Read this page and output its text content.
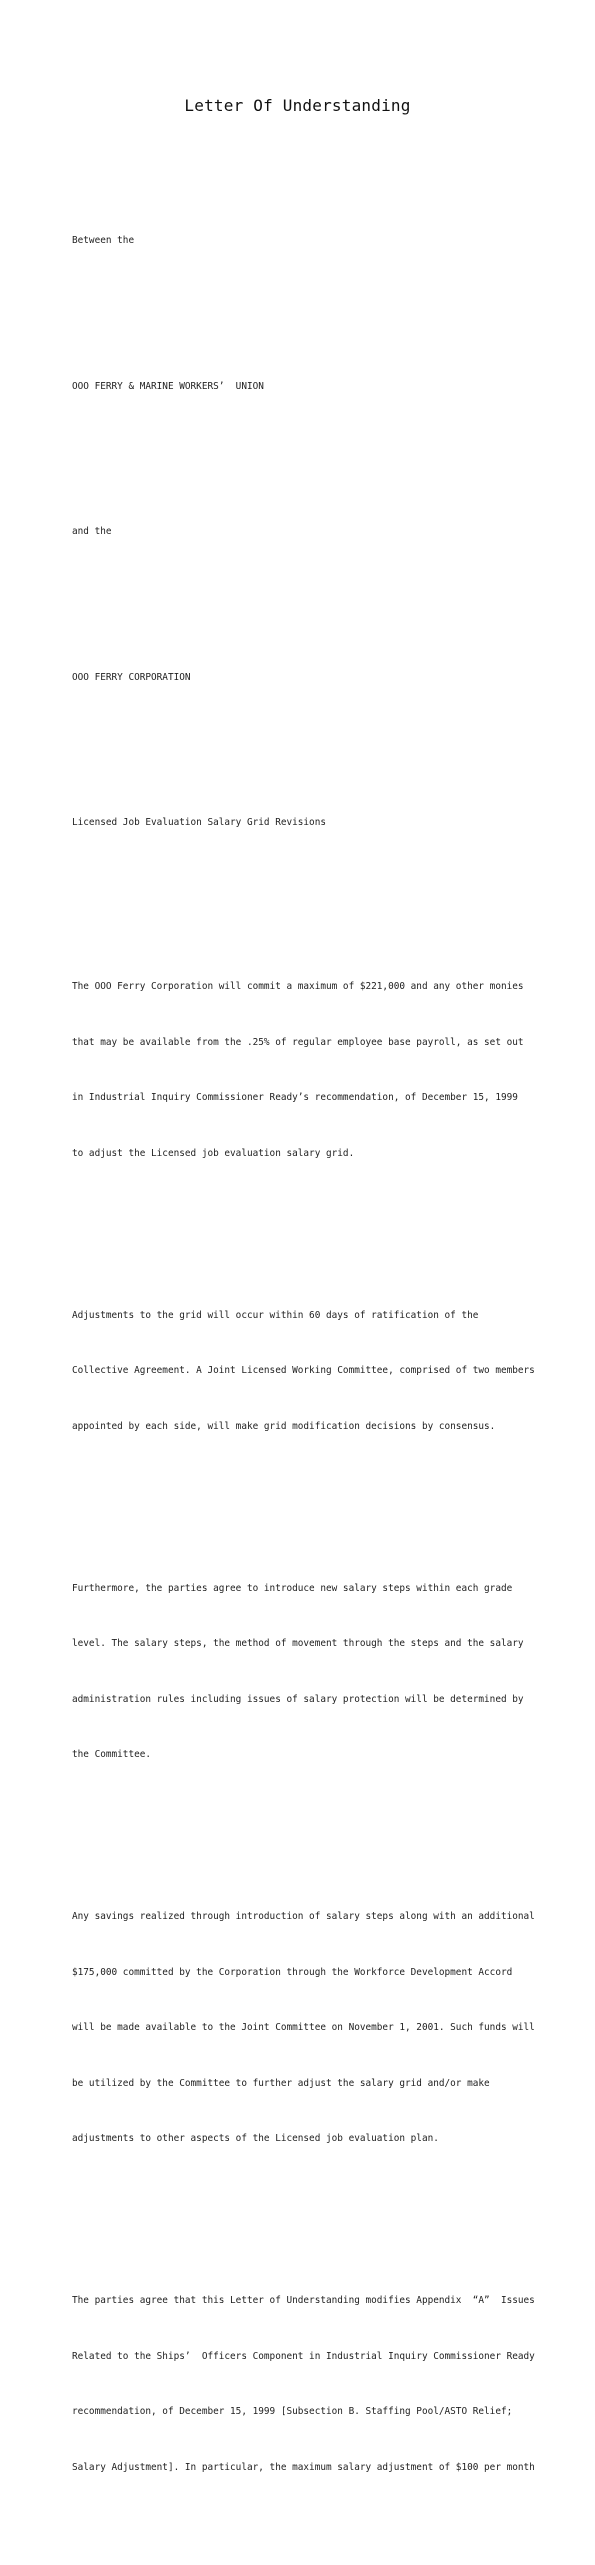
Letter Of Understanding

Between the

OOO FERRY & MARINE WORKERS’  UNION

and the

OOO FERRY CORPORATION

Licensed Job Evaluation Salary Grid Revisions

The OOO Ferry Corporation will commit a maximum of $221,000 and any other monies

that may be available from the .25% of regular employee base payroll, as set out

in Industrial Inquiry Commissioner Ready’s recommendation, of December 15, 1999

to adjust the Licensed job evaluation salary grid.

Adjustments to the grid will occur within 60 days of ratification of the

Collective Agreement. A Joint Licensed Working Committee, comprised of two members

appointed by each side, will make grid modification decisions by consensus.

Furthermore, the parties agree to introduce new salary steps within each grade

level. The salary steps, the method of movement through the steps and the salary

administration rules including issues of salary protection will be determined by

the Committee.

Any savings realized through introduction of salary steps along with an additional

$175,000 committed by the Corporation through the Workforce Development Accord

will be made available to the Joint Committee on November 1, 2001. Such funds will

be utilized by the Committee to further adjust the salary grid and/or make

adjustments to other aspects of the Licensed job evaluation plan.

The parties agree that this Letter of Understanding modifies Appendix  “A”  Issues

Related to the Ships’  Officers Component in Industrial Inquiry Commissioner Ready

recommendation, of December 15, 1999 [Subsection B. Staffing Pool/ASTO Relief;

Salary Adjustment]. In particular, the maximum salary adjustment of $100 per month
